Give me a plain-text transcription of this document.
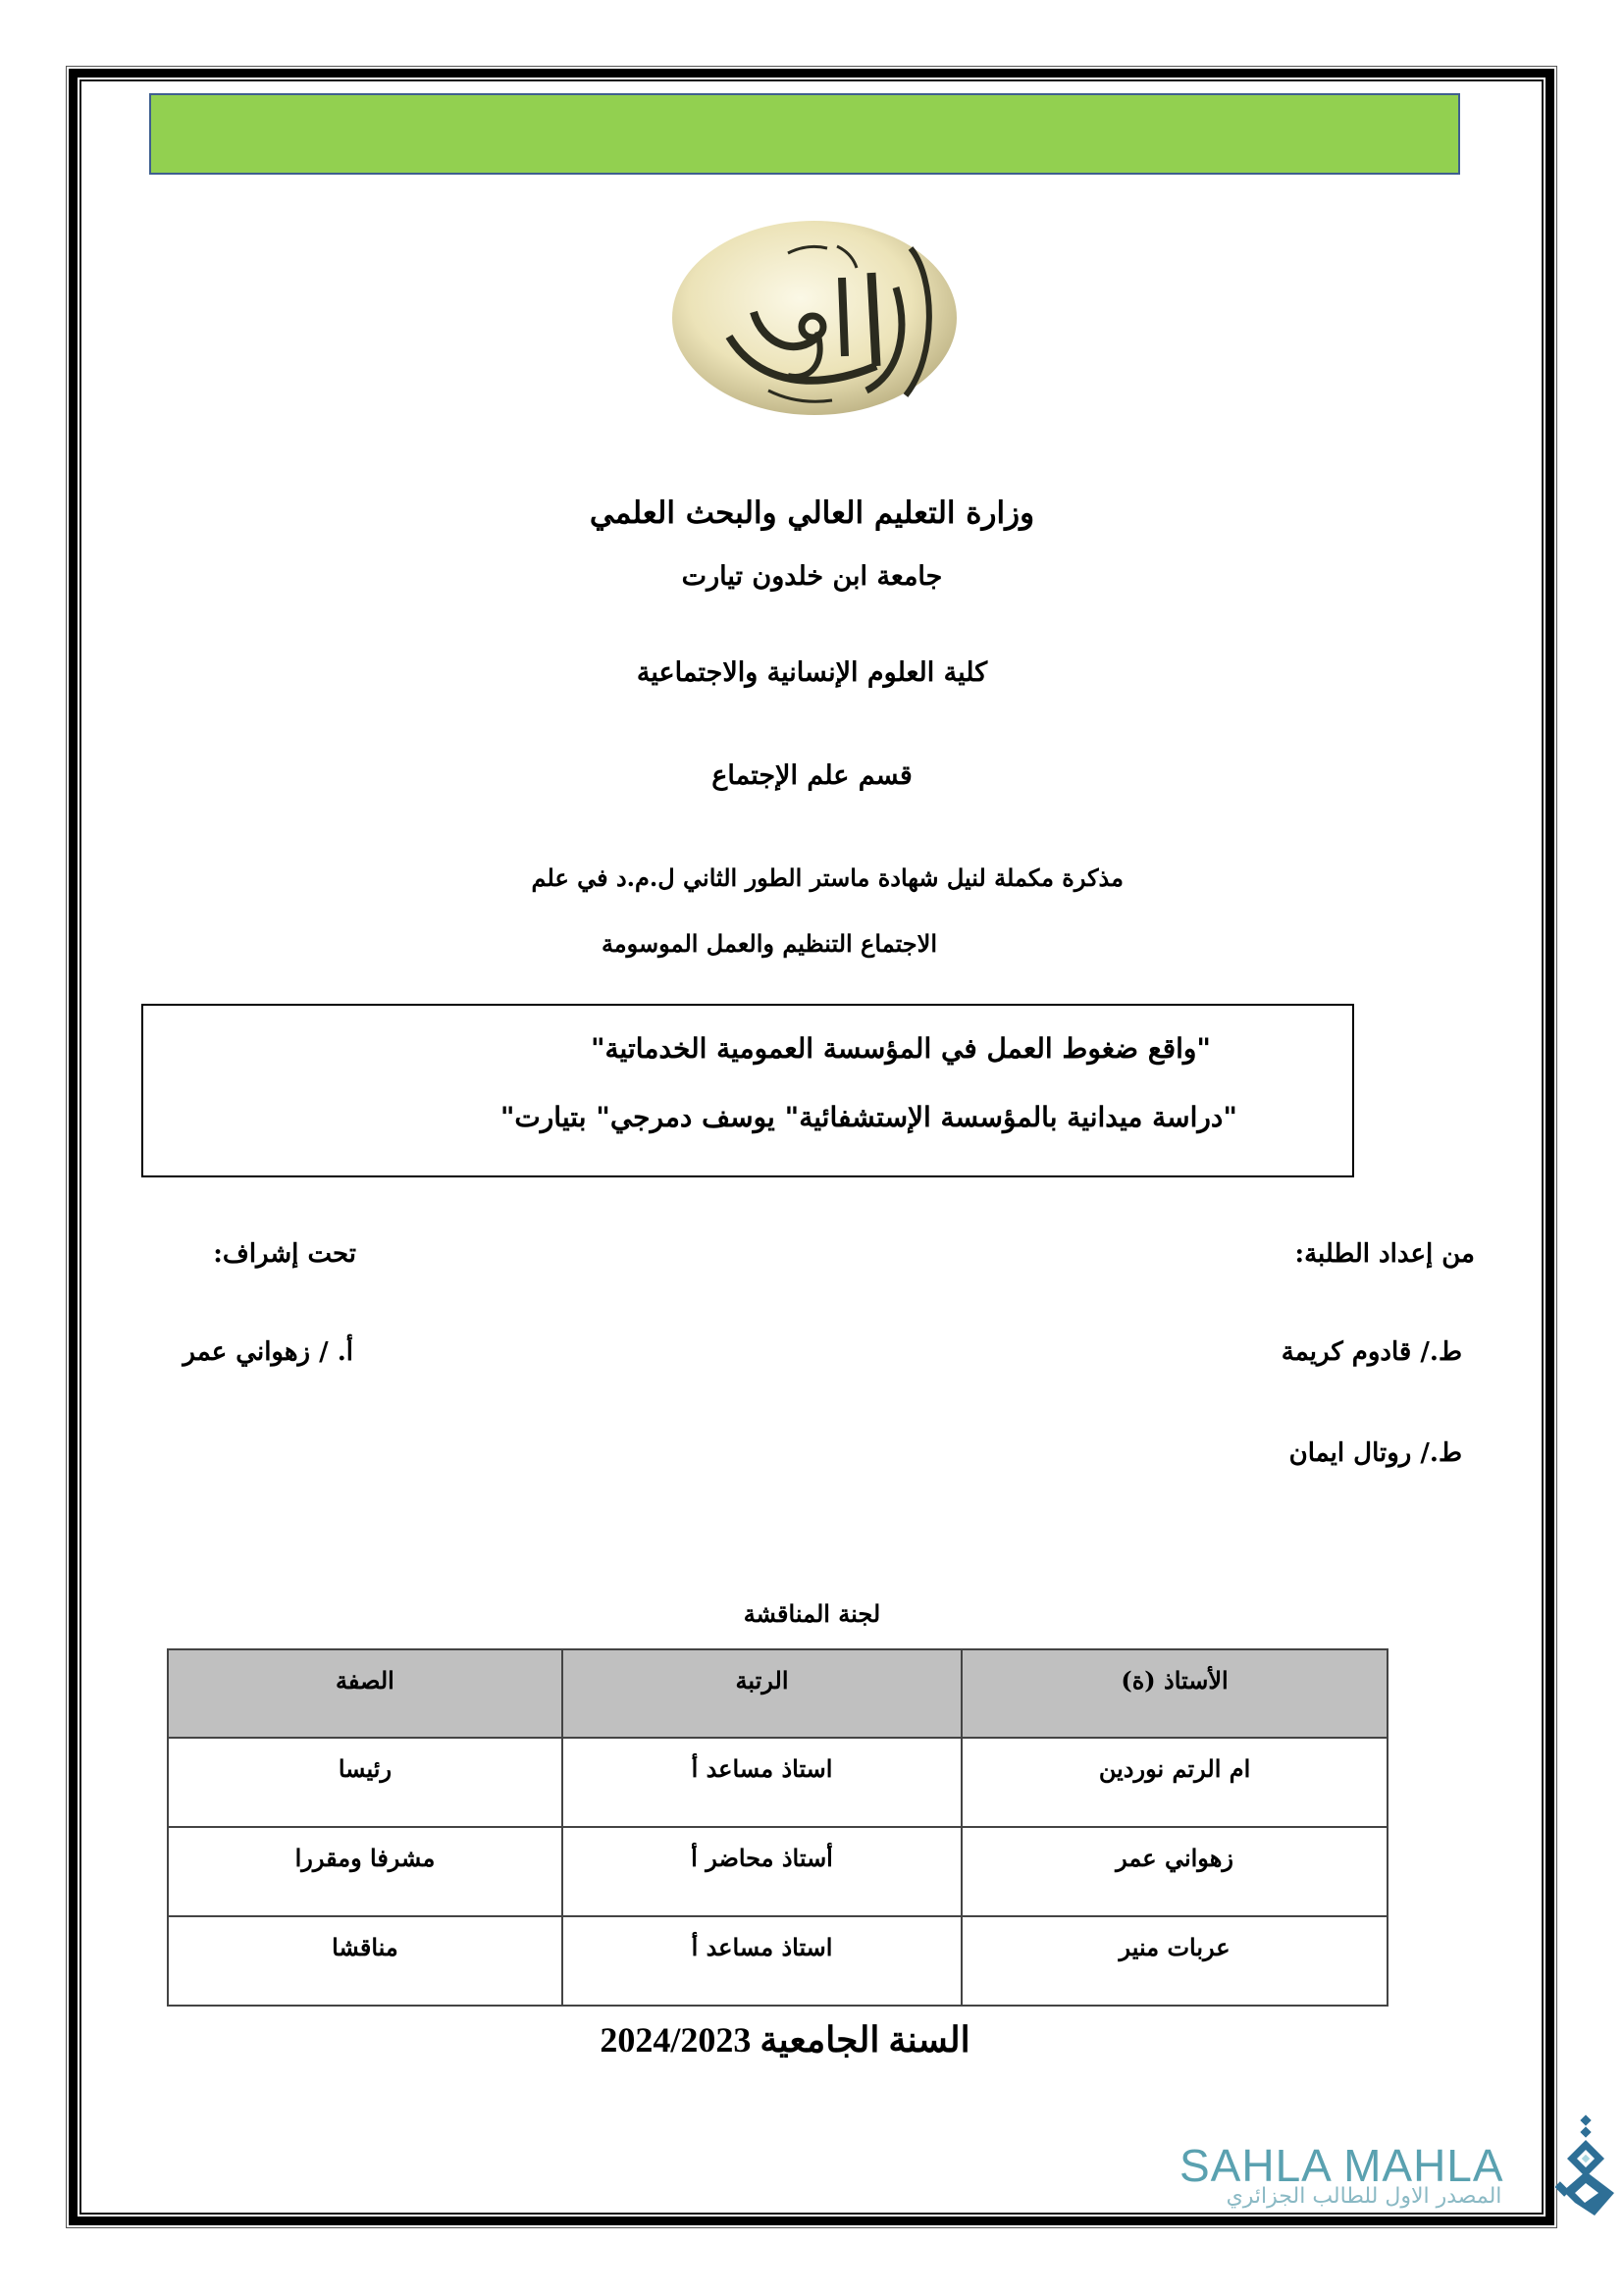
وزارة التعليم العالي والبحث العلمي
جامعة ابن خلدون تيارت
كلية العلوم الإنسانية والاجتماعية
قسم علم الإجتماع
مذكرة مكملة لنيل شهادة ماستر الطور الثاني ل.م.د في علم
الاجتماع التنظيم والعمل الموسومة
"واقع ضغوط العمل في المؤسسة العمومية الخدماتية"
"دراسة ميدانية بالمؤسسة الإستشفائية" يوسف دمرجي" بتيارت"
من إعداد الطلبة:
ط./ قادوم كريمة
ط./ روتال ايمان
تحت إشراف:
أ. / زهواني عمر
لجنة المناقشة
الأستاذ (ة)	الرتبة	الصفة
ام الرتم نوردين	استاذ مساعد أ	رئيسا
زهواني عمر	أستاذ محاضر أ	مشرفا ومقررا
عربات منير	استاذ مساعد أ	مناقشا
السنة الجامعية 2024/2023
SAHLA MAHLA
المصدر الاول للطالب الجزائري
